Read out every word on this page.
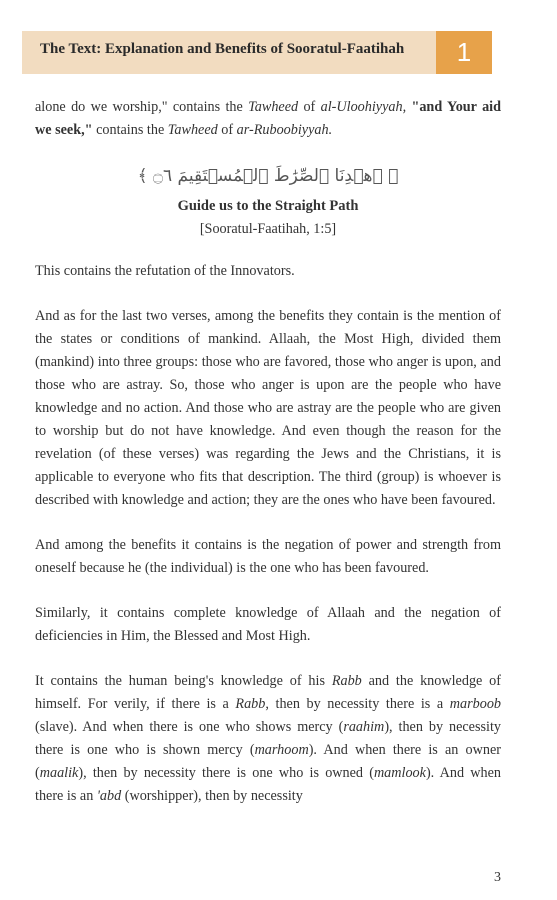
The Text: Explanation and Benefits of Sooratul-Faatihah 1

alone do we worship," contains the Tawheed of al-Uloohiyyah, "and Your aid we seek," contains the Tawheed of ar-Ruboobiyyah.

﴿ ٱهۡدِنَا ٱلصِّرَٰطَ ٱلۡمُسۡتَقِيمَ ۝٦ ﴾
Guide us to the Straight Path
[Sooratul-Faatihah, 1:5]

This contains the refutation of the Innovators.

And as for the last two verses, among the benefits they contain is the mention of the states or conditions of mankind. Allaah, the Most High, divided them (mankind) into three groups: those who are favored, those who anger is upon, and those who are astray. So, those who anger is upon are the people who have knowledge and no action. And those who are astray are the people who are given to worship but do not have knowledge. And even though the reason for the revelation (of these verses) was regarding the Jews and the Christians, it is applicable to everyone who fits that description. The third (group) is whoever is described with knowledge and action; they are the ones who have been favoured.

And among the benefits it contains is the negation of power and strength from oneself because he (the individual) is the one who has been favoured.

Similarly, it contains complete knowledge of Allaah and the negation of deficiencies in Him, the Blessed and Most High.

It contains the human being's knowledge of his Rabb and the knowledge of himself. For verily, if there is a Rabb, then by necessity there is a marboob (slave). And when there is one who shows mercy (raahim), then by necessity there is one who is shown mercy (marhoom). And when there is an owner (maalik), then by necessity there is one who is owned (mamlook). And when there is an 'abd (worshipper), then by necessity

3
